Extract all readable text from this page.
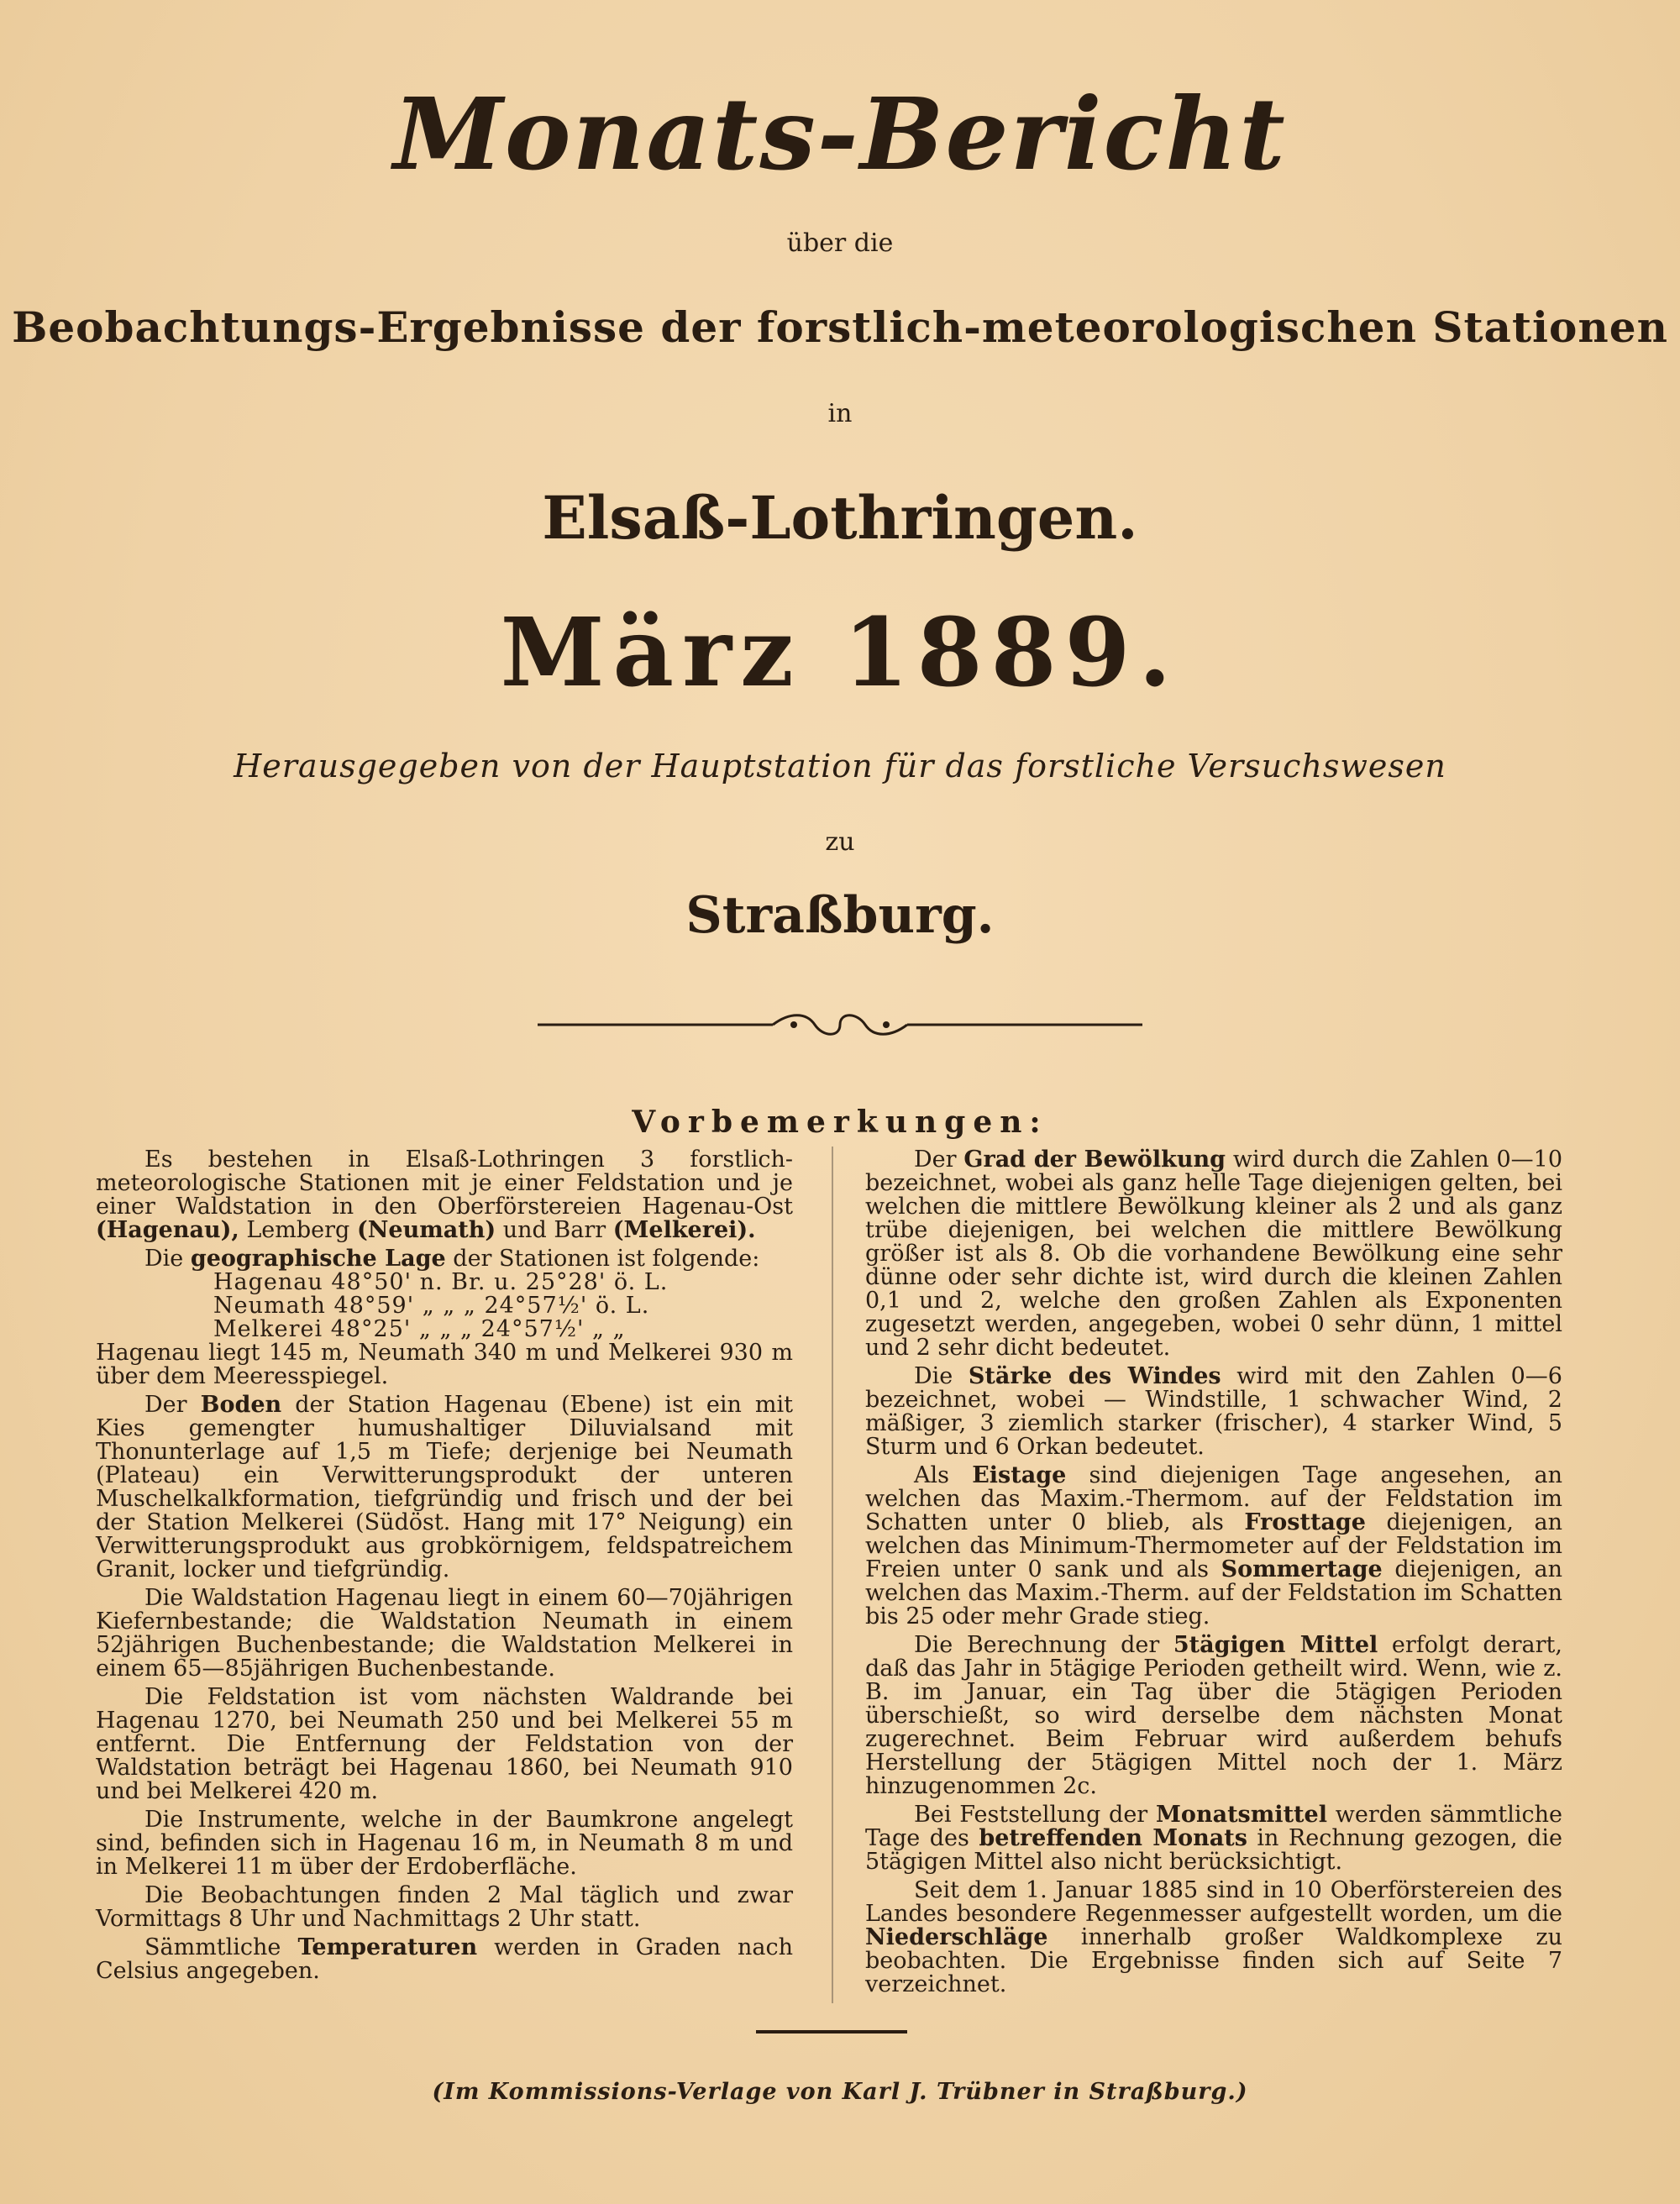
Monats-Bericht
über die
Beobachtungs-Ergebnisse der forstlich-meteorologischen Stationen
in
Elsaß-Lothringen.
März 1889.
Herausgegeben von der Hauptstation für das forstliche Versuchswesen
zu
Straßburg.
Vorbemerkungen:

Es bestehen in Elsaß-Lothringen 3 forstlich-meteorologische Stationen mit je einer Feldstation und je einer Waldstation in den Oberförstereien Hagenau-Ost (Hagenau), Lemberg (Neumath) und Barr (Melkerei).

Die geographische Lage der Stationen ist folgende:

Hagenau 48°50' n. Br. u. 25°28' ö. L.
Neumath 48°59' „ „ „ 24°57½' ö. L.
Melkerei 48°25' „ „ „ 24°57½' „ „

Hagenau liegt 145 m, Neumath 340 m und Melkerei 930 m über dem Meeresspiegel.

Der Boden der Station Hagenau (Ebene) ist ein mit Kies gemengter humushaltiger Diluvialsand mit Thonunterlage auf 1,5 m Tiefe; derjenige bei Neumath (Plateau) ein Verwitterungsprodukt der unteren Muschelkalkformation, tiefgründig und frisch und der bei der Station Melkerei (Südöst. Hang mit 17° Neigung) ein Verwitterungsprodukt aus grobkörnigem, feldspatreichem Granit, locker und tiefgründig.

Die Waldstation Hagenau liegt in einem 60—70jährigen Kiefernbestande; die Waldstation Neumath in einem 52jährigen Buchenbestande; die Waldstation Melkerei in einem 65—85jährigen Buchenbestande.

Die Feldstation ist vom nächsten Waldrande bei Hagenau 1270, bei Neumath 250 und bei Melkerei 55 m entfernt. Die Entfernung der Feldstation von der Waldstation beträgt bei Hagenau 1860, bei Neumath 910 und bei Melkerei 420 m.

Die Instrumente, welche in der Baumkrone angelegt sind, befinden sich in Hagenau 16 m, in Neumath 8 m und in Melkerei 11 m über der Erdoberfläche.

Die Beobachtungen finden 2 Mal täglich und zwar Vormittags 8 Uhr und Nachmittags 2 Uhr statt.

Sämmtliche Temperaturen werden in Graden nach Celsius angegeben.

Der Grad der Bewölkung wird durch die Zahlen 0—10 bezeichnet, wobei als ganz helle Tage diejenigen gelten, bei welchen die mittlere Bewölkung kleiner als 2 und als ganz trübe diejenigen, bei welchen die mittlere Bewölkung größer ist als 8. Ob die vorhandene Bewölkung eine sehr dünne oder sehr dichte ist, wird durch die kleinen Zahlen 0,1 und 2, welche den großen Zahlen als Exponenten zugesetzt werden, angegeben, wobei 0 sehr dünn, 1 mittel und 2 sehr dicht bedeutet.

Die Stärke des Windes wird mit den Zahlen 0—6 bezeichnet, wobei — Windstille, 1 schwacher Wind, 2 mäßiger, 3 ziemlich starker (frischer), 4 starker Wind, 5 Sturm und 6 Orkan bedeutet.

Als Eistage sind diejenigen Tage angesehen, an welchen das Maxim.-Thermom. auf der Feldstation im Schatten unter 0 blieb, als Frosttage diejenigen, an welchen das Minimum-Thermometer auf der Feldstation im Freien unter 0 sank und als Sommertage diejenigen, an welchen das Maxim.-Therm. auf der Feldstation im Schatten bis 25 oder mehr Grade stieg.

Die Berechnung der 5tägigen Mittel erfolgt derart, daß das Jahr in 5tägige Perioden getheilt wird. Wenn, wie z. B. im Januar, ein Tag über die 5tägigen Perioden überschießt, so wird derselbe dem nächsten Monat zugerechnet. Beim Februar wird außerdem behufs Herstellung der 5tägigen Mittel noch der 1. März hinzugenommen 2c.

Bei Feststellung der Monatsmittel werden sämmtliche Tage des betreffenden Monats in Rechnung gezogen, die 5tägigen Mittel also nicht berücksichtigt.

Seit dem 1. Januar 1885 sind in 10 Oberförstereien des Landes besondere Regenmesser aufgestellt worden, um die Niederschläge innerhalb großer Waldkomplexe zu beobachten. Die Ergebnisse finden sich auf Seite 7 verzeichnet.

(Im Kommissions-Verlage von Karl J. Trübner in Straßburg.)
